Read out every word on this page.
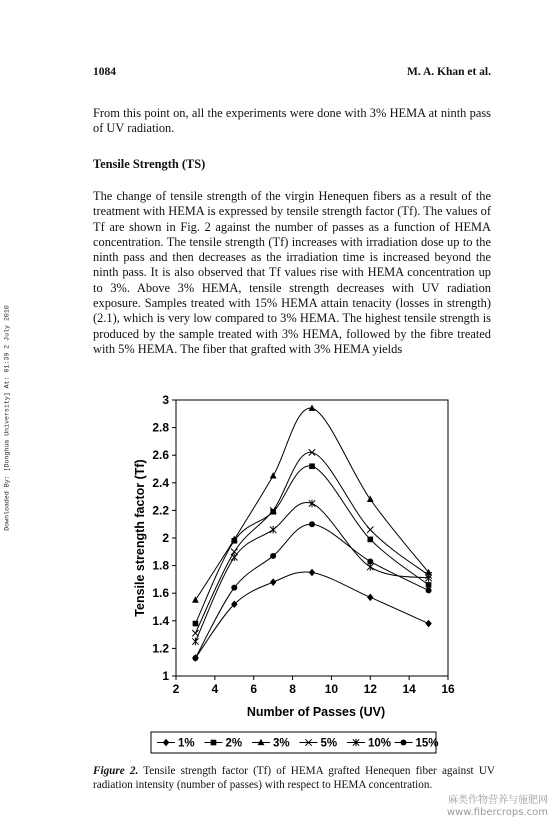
Downloaded By: [Donghua University] At: 01:39 2 July 2010
1084	M. A. Khan et al.

From this point on, all the experiments were done with 3% HEMA at ninth pass of UV radiation.

Tensile Strength (TS)

The change of tensile strength of the virgin Henequen fibers as a result of the treatment with HEMA is expressed by tensile strength factor (Tf). The values of Tf are shown in Fig. 2 against the number of passes as a function of HEMA concentration. The tensile strength (Tf) increases with irradiation dose up to the ninth pass and then decreases as the irradiation time is increased beyond the ninth pass. It is also observed that Tf values rise with HEMA concentration up to 3%. Above 3% HEMA, tensile strength decreases with UV radiation exposure. Samples treated with 15% HEMA attain tenacity (losses in strength) (2.1), which is very low compared to 3% HEMA. The highest tensile strength is produced by the sample treated with 3% HEMA, followed by the fibre treated with 5% HEMA. The fiber that grafted with 3% HEMA yields

1
1.2
1.4
1.6
1.8
2
2.2
2.4
2.6
2.8
3
2	4	6	8 10 12 14 16
Number of Passes (UV)
Tensile strength factor (Tf)
1%	2%	3%	5%	10% 15%

Figure 2. Tensile strength factor (Tf) of HEMA grafted Henequen fiber against UV radiation intensity (number of passes) with respect to HEMA concentration.

麻类作物营养与施肥网
www.fibercrops.com
